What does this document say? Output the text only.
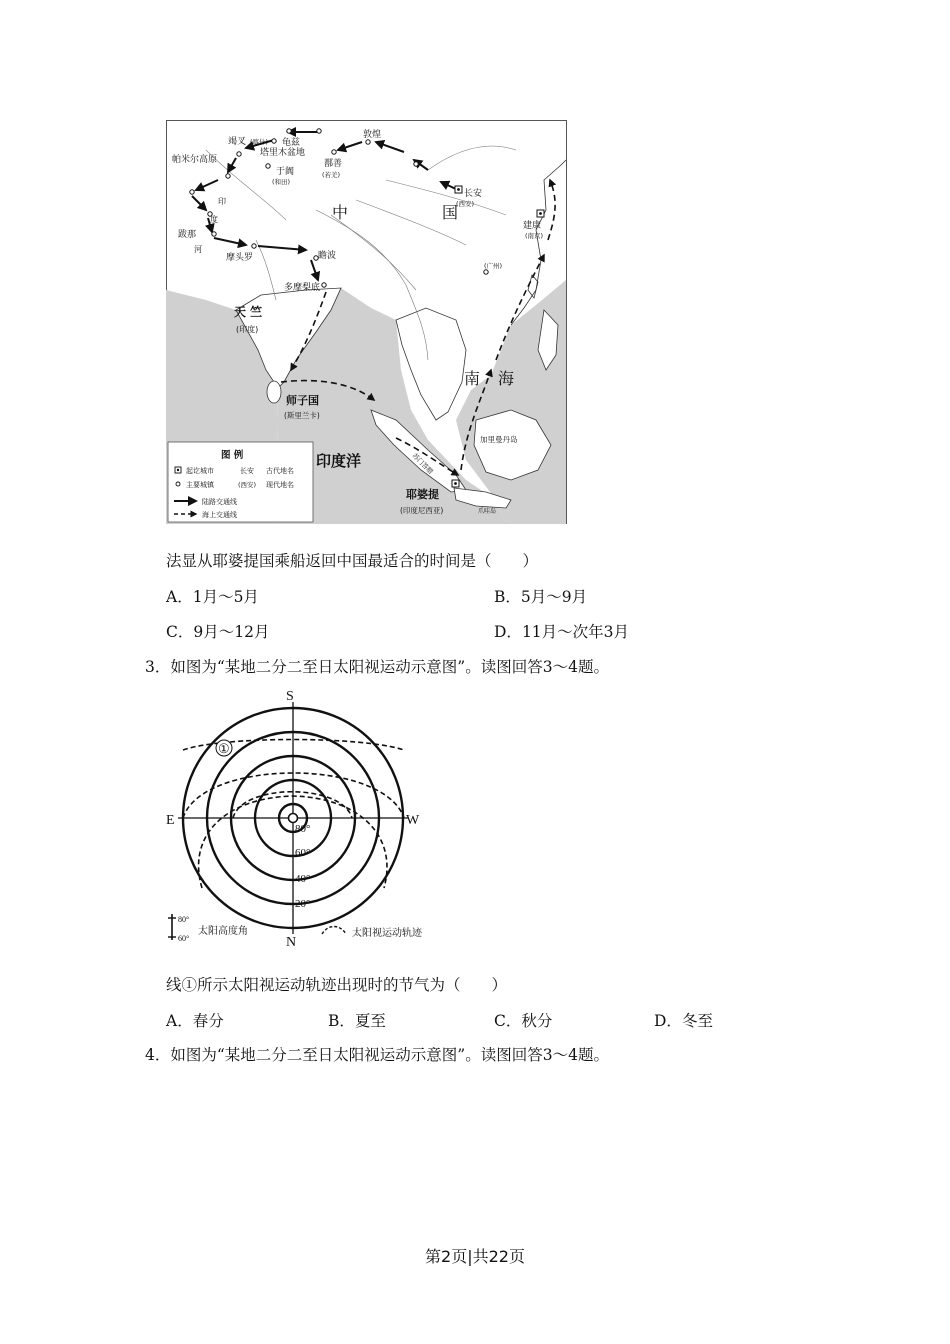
竭叉 (喀什) 龟兹
塔里木盆地
帕米尔高原
于阗
(和田)
鄯善
(若羌)
敦煌
长安
(西安)
建康
(南京)
(广州)
印
度
河
跋那
摩头罗	瞻波
多摩梨底
天 竺
(印度)
师子国
(斯里兰卡)
中	国
南 海
加里曼丹岛
印度洋	苏门答腊
耶婆提
(印度尼西亚)	爪哇岛
图 例
起讫城市	长安 古代地名
主要城镇	(西安) 现代地名
陆路交通线
海上交通线
法显从耶婆提国乘船返回中国最适合的时间是（　　）
A．1月～5月	B．5月～9月
C．9月～12月	D．11月～次年3月
3．如图为“某地二分二至日太阳视运动示意图”。读图回答3～4题。
①
S
N
E	W
80°
60°
40°
20°
80°
60°
太阳高度角	太阳视运动轨迹
线①所示太阳视运动轨迹出现时的节气为（　　）
A．春分	B．夏至	C．秋分	D．冬至
4．如图为“某地二分二至日太阳视运动示意图”。读图回答3～4题。
第2页|共22页
